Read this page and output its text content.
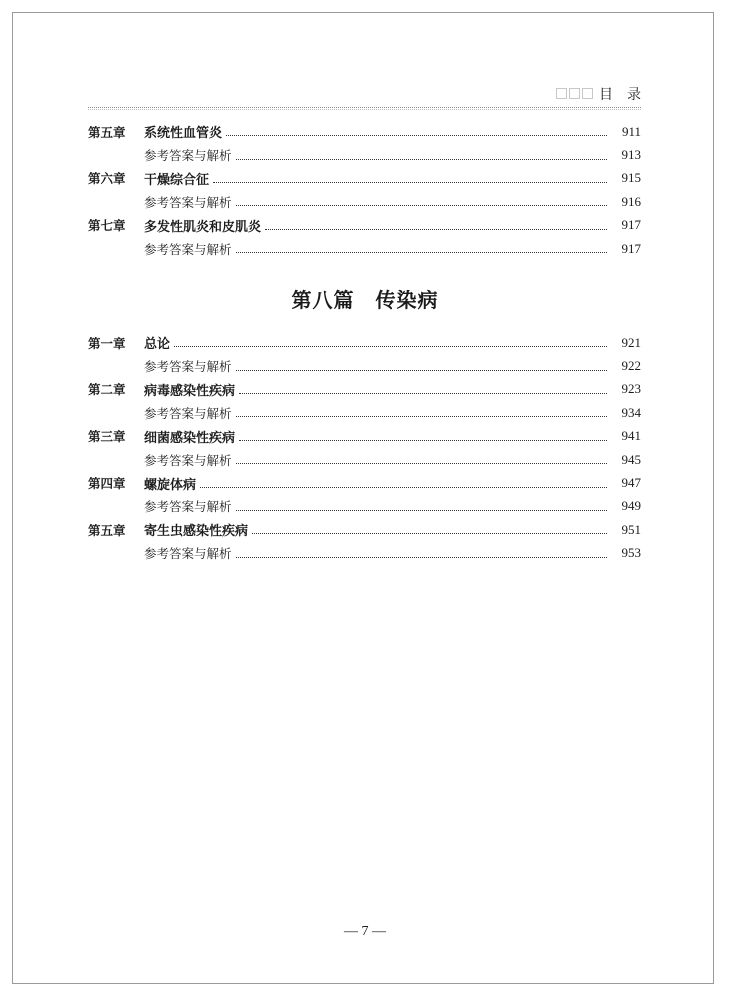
目录
第五章	系统性血管炎	911
参考答案与解析	913
第六章	干燥综合征	915
参考答案与解析	916
第七章	多发性肌炎和皮肌炎	917
参考答案与解析	917
第八篇　传染病
第一章	总论	921
参考答案与解析	922
第二章	病毒感染性疾病	923
参考答案与解析	934
第三章	细菌感染性疾病	941
参考答案与解析	945
第四章	螺旋体病	947
参考答案与解析	949
第五章	寄生虫感染性疾病	951
参考答案与解析	953
— 7 —
